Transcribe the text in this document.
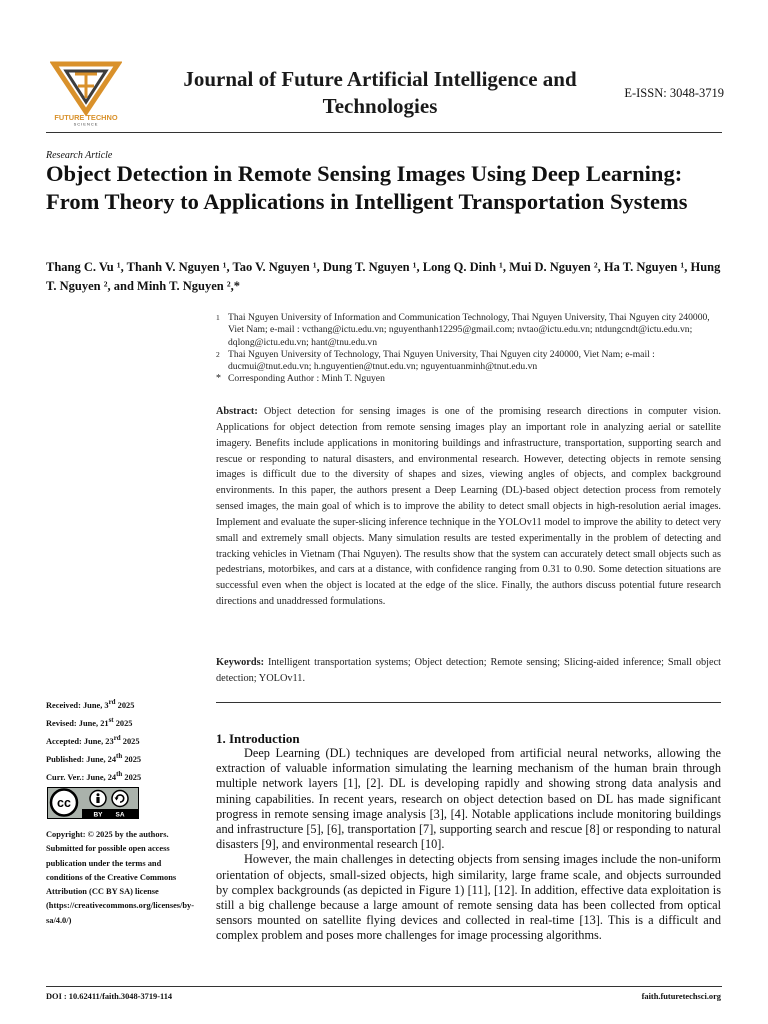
FUTURE TECHNO
SCIENCE
Journal of Future Artificial Intelligence and Technologies
E-ISSN: 3048-3719
Research Article
Object Detection in Remote Sensing Images Using Deep Learning: From Theory to Applications in Intelligent Transportation Systems
Thang C. Vu ¹, Thanh V. Nguyen ¹, Tao V. Nguyen ¹, Dung T. Nguyen ¹, Long Q. Dinh ¹, Mui D. Nguyen ², Ha T. Nguyen ¹, Hung T. Nguyen ², and Minh T. Nguyen ²,*
1 Thai Nguyen University of Information and Communication Technology, Thai Nguyen University, Thai Nguyen city 240000, Viet Nam; e-mail : vcthang@ictu.edu.vn; nguyenthanh12295@gmail.com; nvtao@ictu.edu.vn; ntdungcndt@ictu.edu.vn; dqlong@ictu.edu.vn; hant@tnu.edu.vn
2 Thai Nguyen University of Technology, Thai Nguyen University, Thai Nguyen city 240000, Viet Nam; e-mail : ducmui@tnut.edu.vn; h.nguyentien@tnut.edu.vn; nguyentuanminh@tnut.edu.vn
* Corresponding Author : Minh T. Nguyen
Abstract: Object detection for sensing images is one of the promising research directions in computer vision. Applications for object detection from remote sensing images play an important role in analyzing aerial or satellite imagery. Benefits include applications in monitoring buildings and infrastructure, transportation, supporting search and rescue or responding to natural disasters, and environmental research. However, detecting objects in remote sensing images is difficult due to the diversity of shapes and sizes, viewing angles of objects, and complex background environments. In this paper, the authors present a Deep Learning (DL)-based object detection process from remotely sensed images, the main goal of which is to improve the ability to detect small objects in high-resolution aerial images. Implement and evaluate the super-slicing inference technique in the YOLOv11 model to improve the ability to detect very small and extremely small objects. Many simulation results are tested experimentally in the problem of detecting and tracking vehicles in Vietnam (Thai Nguyen). The results show that the system can accurately detect small objects such as pedestrians, motorbikes, and cars at a distance, with confidence ranging from 0.31 to 0.90. Some detection situations are successful even when the object is located at the edge of the slice. Finally, the authors discuss potential future research directions and unaddressed formulations.
Keywords: Intelligent transportation systems; Object detection; Remote sensing; Slicing-aided inference; Small object detection; YOLOv11.
Received: June, 3rd 2025
Revised: June, 21st 2025
Accepted: June, 23rd 2025
Published: June, 24th 2025
Curr. Ver.: June, 24th 2025
cc
BY SA
Copyright: © 2025 by the authors. Submitted for possible open access publication under the terms and conditions of the Creative Commons Attribution (CC BY SA) license (https://creativecommons.org/licenses/by-sa/4.0/)
1. Introduction

Deep Learning (DL) techniques are developed from artificial neural networks, allowing the extraction of valuable information simulating the learning mechanism of the human brain through multiple network layers [1], [2]. DL is developing rapidly and showing strong data analysis and mining capabilities. In recent years, research on object detection based on DL has made significant progress in remote sensing image analysis [3], [4]. Notable applications include monitoring buildings and infrastructure [5], [6], transportation [7], supporting search and rescue [8] or responding to natural disasters [9], and environmental research [10].

However, the main challenges in detecting objects from sensing images include the non-uniform orientation of objects, small-sized objects, high similarity, large frame scale, and objects surrounded by complex backgrounds (as depicted in Figure 1) [11], [12]. In addition, effective data exploitation is still a big challenge because a large amount of remote sensing data has been collected from optical sensors mounted on satellite flying devices and collected in real-time [13]. This is a difficult and complex problem and poses more challenges for image processing algorithms.

DOI : 10.62411/faith.3048-3719-114	faith.futuretechsci.org
